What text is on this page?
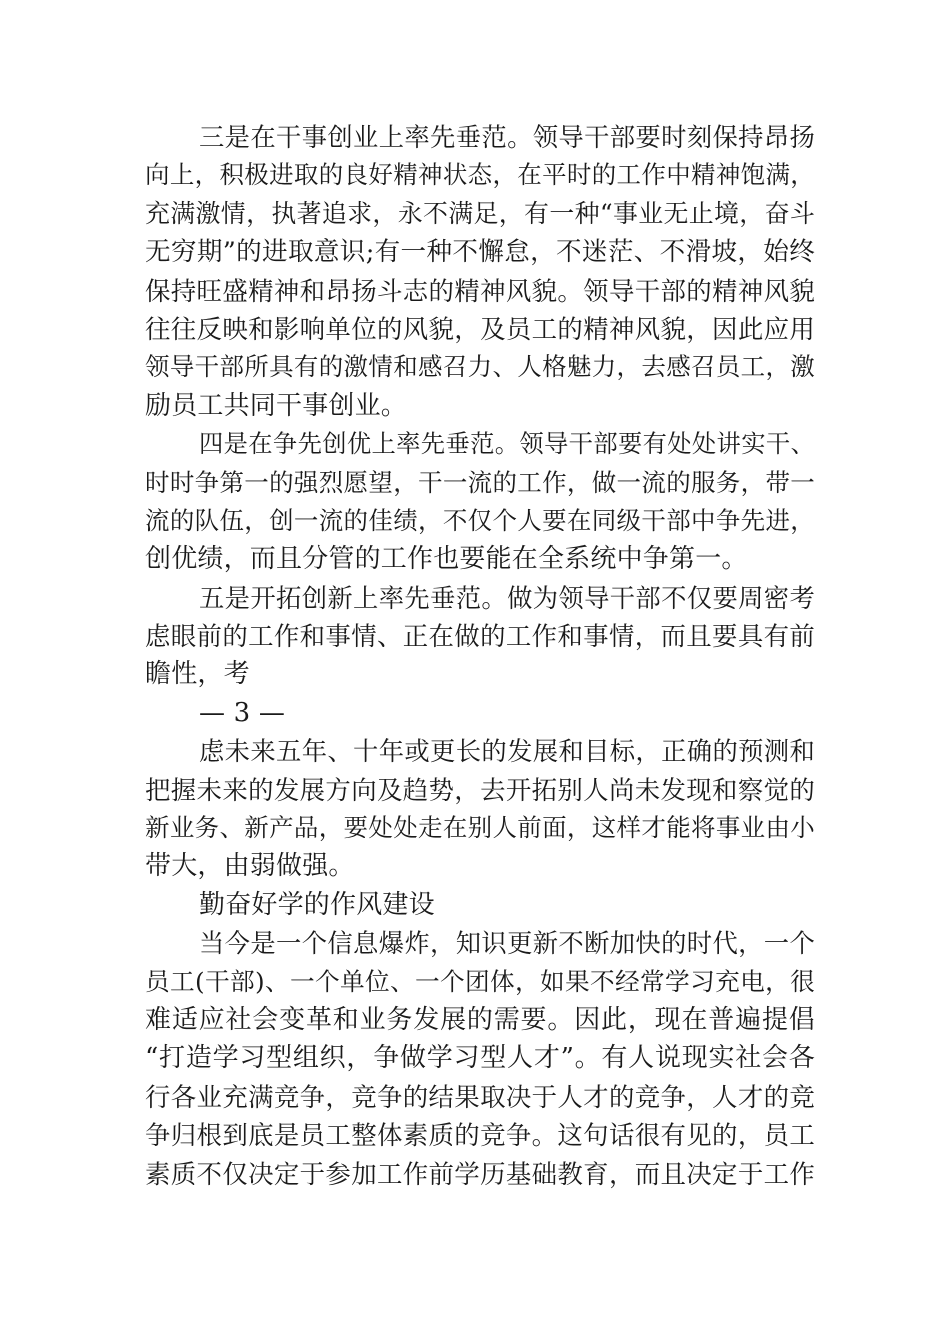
三是在干事创业上率先垂范。领导干部要时刻保持昂扬
向上，积极进取的良好精神状态，在平时的工作中精神饱满，
充满激情，执著追求，永不满足，有一种“事业无止境，奋斗
无穷期”的进取意识;有一种不懈怠，不迷茫、不滑坡，始终
保持旺盛精神和昂扬斗志的精神风貌。领导干部的精神风貌
往往反映和影响单位的风貌，及员工的精神风貌，因此应用
领导干部所具有的激情和感召力、人格魅力，去感召员工，激
励员工共同干事创业。
四是在争先创优上率先垂范。领导干部要有处处讲实干、
时时争第一的强烈愿望，干一流的工作，做一流的服务，带一
流的队伍，创一流的佳绩，不仅个人要在同级干部中争先进，
创优绩，而且分管的工作也要能在全系统中争第一。
五是开拓创新上率先垂范。做为领导干部不仅要周密考
虑眼前的工作和事情、正在做的工作和事情，而且要具有前
瞻性，考
— 3 —
虑未来五年、十年或更长的发展和目标，正确的预测和
把握未来的发展方向及趋势，去开拓别人尚未发现和察觉的
新业务、新产品，要处处走在别人前面，这样才能将事业由小
带大，由弱做强。
勤奋好学的作风建设
当今是一个信息爆炸，知识更新不断加快的时代，一个
员工(干部)、一个单位、一个团体，如果不经常学习充电，很
难适应社会变革和业务发展的需要。因此，现在普遍提倡
“打造学习型组织，争做学习型人才”。有人说现实社会各
行各业充满竞争，竞争的结果取决于人才的竞争，人才的竞
争归根到底是员工整体素质的竞争。这句话很有见的，员工
素质不仅决定于参加工作前学历基础教育，而且决定于工作
